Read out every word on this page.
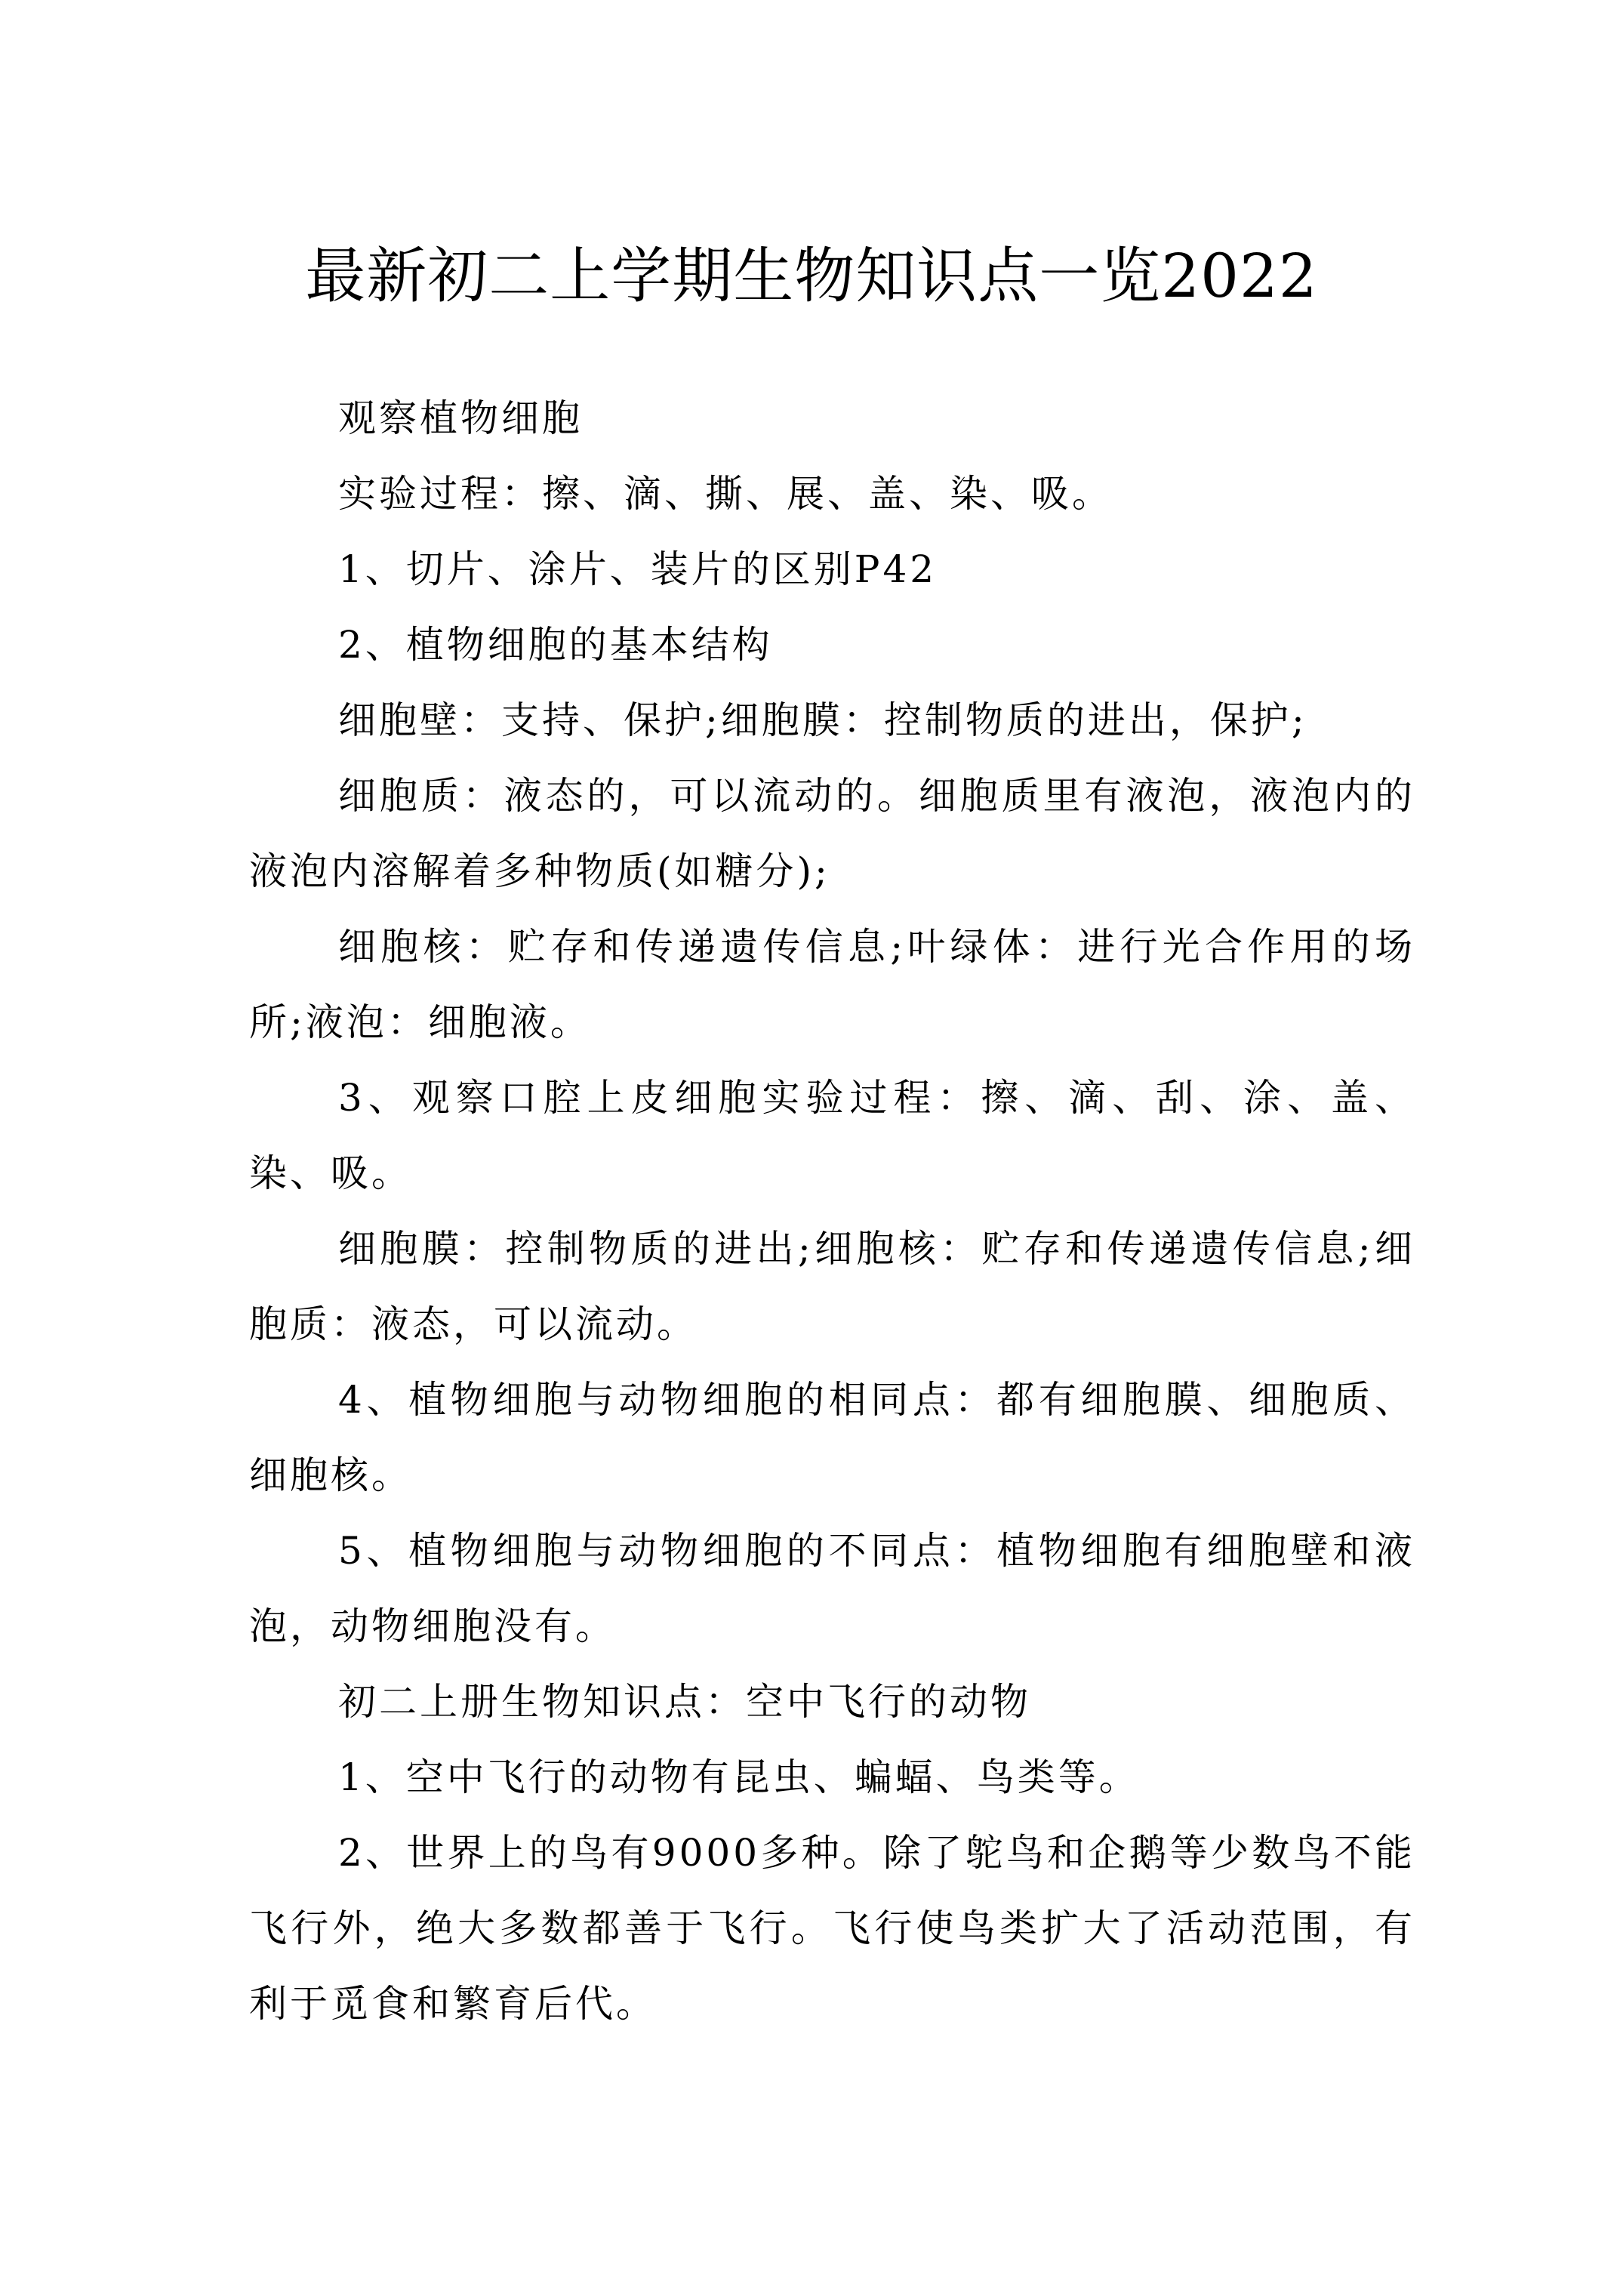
最新初二上学期生物知识点一览2022

观察植物细胞

实验过程：擦、滴、撕、展、盖、染、吸。

1、切片、涂片、装片的区别P42

2、植物细胞的基本结构

细胞壁：支持、保护;细胞膜：控制物质的进出，保护;

细胞质：液态的，可以流动的。细胞质里有液泡，液泡内的液泡内溶解着多种物质(如糖分);

细胞核：贮存和传递遗传信息;叶绿体：进行光合作用的场所;液泡：细胞液。

3、观察口腔上皮细胞实验过程：擦、滴、刮、涂、盖、染、吸。

细胞膜：控制物质的进出;细胞核：贮存和传递遗传信息;细胞质：液态，可以流动。

4、植物细胞与动物细胞的相同点：都有细胞膜、细胞质、细胞核。

5、植物细胞与动物细胞的不同点：植物细胞有细胞壁和液泡，动物细胞没有。

初二上册生物知识点：空中飞行的动物

1、空中飞行的动物有昆虫、蝙蝠、鸟类等。

2、世界上的鸟有9000多种。除了鸵鸟和企鹅等少数鸟不能飞行外，绝大多数都善于飞行。飞行使鸟类扩大了活动范围，有利于觅食和繁育后代。
